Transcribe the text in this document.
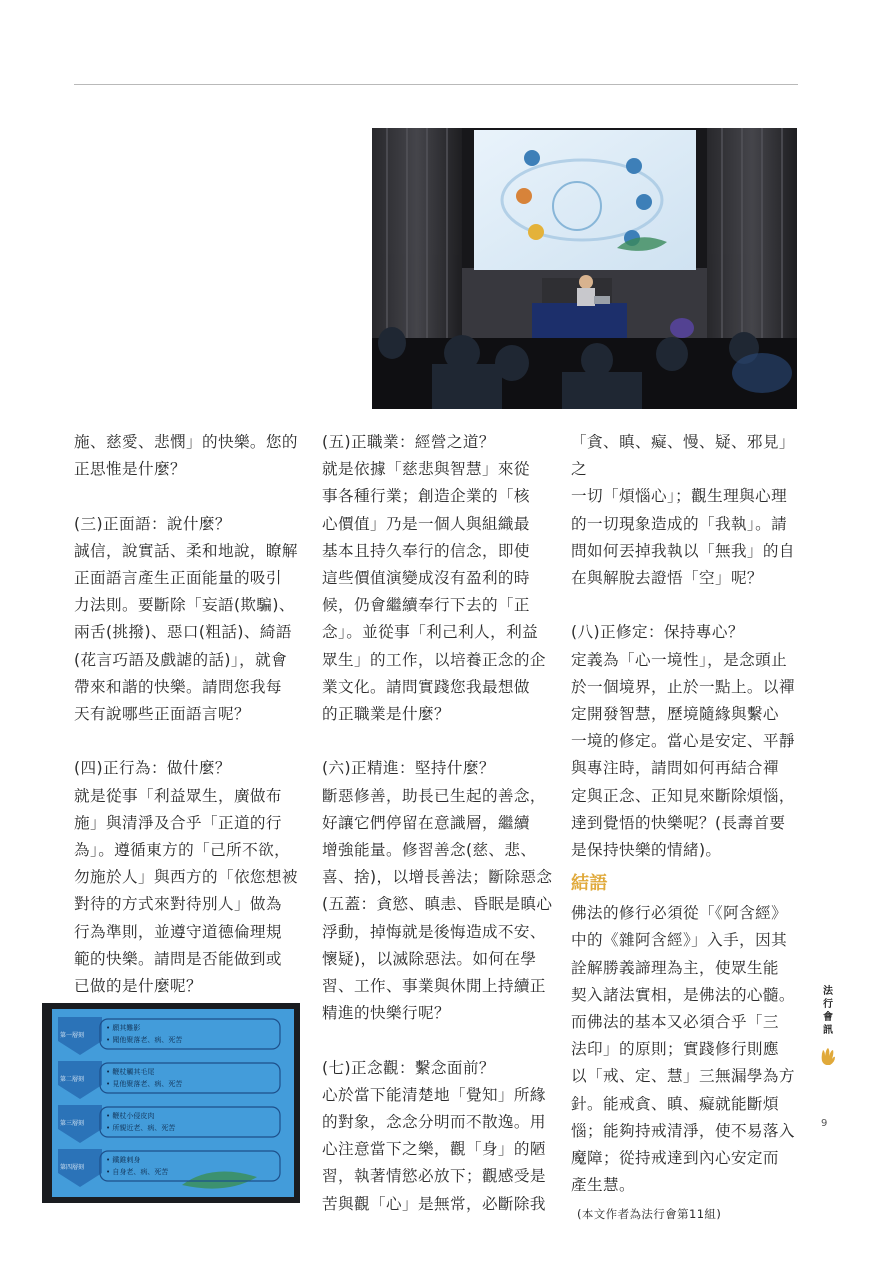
施、慈愛、悲憫」的快樂。您的

正思惟是什麼？

(三)正面語：說什麼？

誠信，說實話、柔和地說，瞭解

正面語言產生正面能量的吸引

力法則。要斷除「妄語(欺騙)、

兩舌(挑撥)、惡口(粗話)、綺語

(花言巧語及戲謔的話)」，就會

帶來和諧的快樂。請問您我每

天有說哪些正面語言呢？

(四)正行為：做什麼？

就是從事「利益眾生，廣做布

施」與清淨及合乎「正道的行

為」。遵循東方的「己所不欲，

勿施於人」與西方的「依您想被

對待的方式來對待別人」做為

行為準則，並遵守道德倫理規

範的快樂。請問是否能做到或

已做的是什麼呢？

(五)正職業：經營之道？

就是依據「慈悲與智慧」來從

事各種行業；創造企業的「核

心價值」乃是一個人與組織最

基本且持久奉行的信念，即使

這些價值演變成沒有盈利的時

候，仍會繼續奉行下去的「正

念」。並從事「利己利人，利益

眾生」的工作，以培養正念的企

業文化。請問實踐您我最想做

的正職業是什麼？

(六)正精進：堅持什麼？

斷惡修善，助長已生起的善念，

好讓它們停留在意識層，繼續

增強能量。修習善念(慈、悲、

喜、捨)，以增長善法；斷除惡念

(五蓋：貪慾、瞋恚、昏眠是瞋心

浮動，掉悔就是後悔造成不安、

懷疑)，以滅除惡法。如何在學

習、工作、事業與休閒上持續正

精進的快樂行呢？

(七)正念觀：繫念面前？

心於當下能清楚地「覺知」所緣

的對象，念念分明而不散逸。用

心注意當下之樂，觀「身」的陋

習，執著情慾必放下；觀感受是

苦與觀「心」是無常，必斷除我

「貪、瞋、癡、慢、疑、邪見」之

一切「煩惱心」；觀生理與心理

的一切現象造成的「我執」。請

問如何丟掉我執以「無我」的自

在與解脫去證悟「空」呢？

(八)正修定：保持專心？

定義為「心一境性」，是念頭止

於一個境界，止於一點上。以禪

定開發智慧，歷境隨緣與繫心

一境的修定。當心是安定、平靜

與專注時，請問如何再結合禪

定與正念、正知見來斷除煩惱，

達到覺悟的快樂呢？(長壽首要

是保持快樂的情緒)。

結語

佛法的修行必須從「《阿含經》

中的《雜阿含經》」入手，因其

詮解勝義諦理為主，使眾生能

契入諸法實相，是佛法的心髓。

而佛法的基本又必須合乎「三

法印」的原則；實踐修行則應

以「戒、定、慧」三無漏學為方

針。能戒貪、瞋、癡就能斷煩

惱；能夠持戒清淨，使不易落入

魔障；從持戒達到內心安定而

產生慧。

(本文作者為法行會第11組)

第一層刻
• 願其難影
• 聞他聚落老、病、死苦
第二層刻
• 鞭杖觸其毛尾
• 見他聚落老、病、死苦
第三層刻
• 鞭杖小侵皮肉
• 所親近老、病、死苦
第四層刻
• 鐵錐刺身
• 自身老、病、死苦
法
行
會
訊
9
